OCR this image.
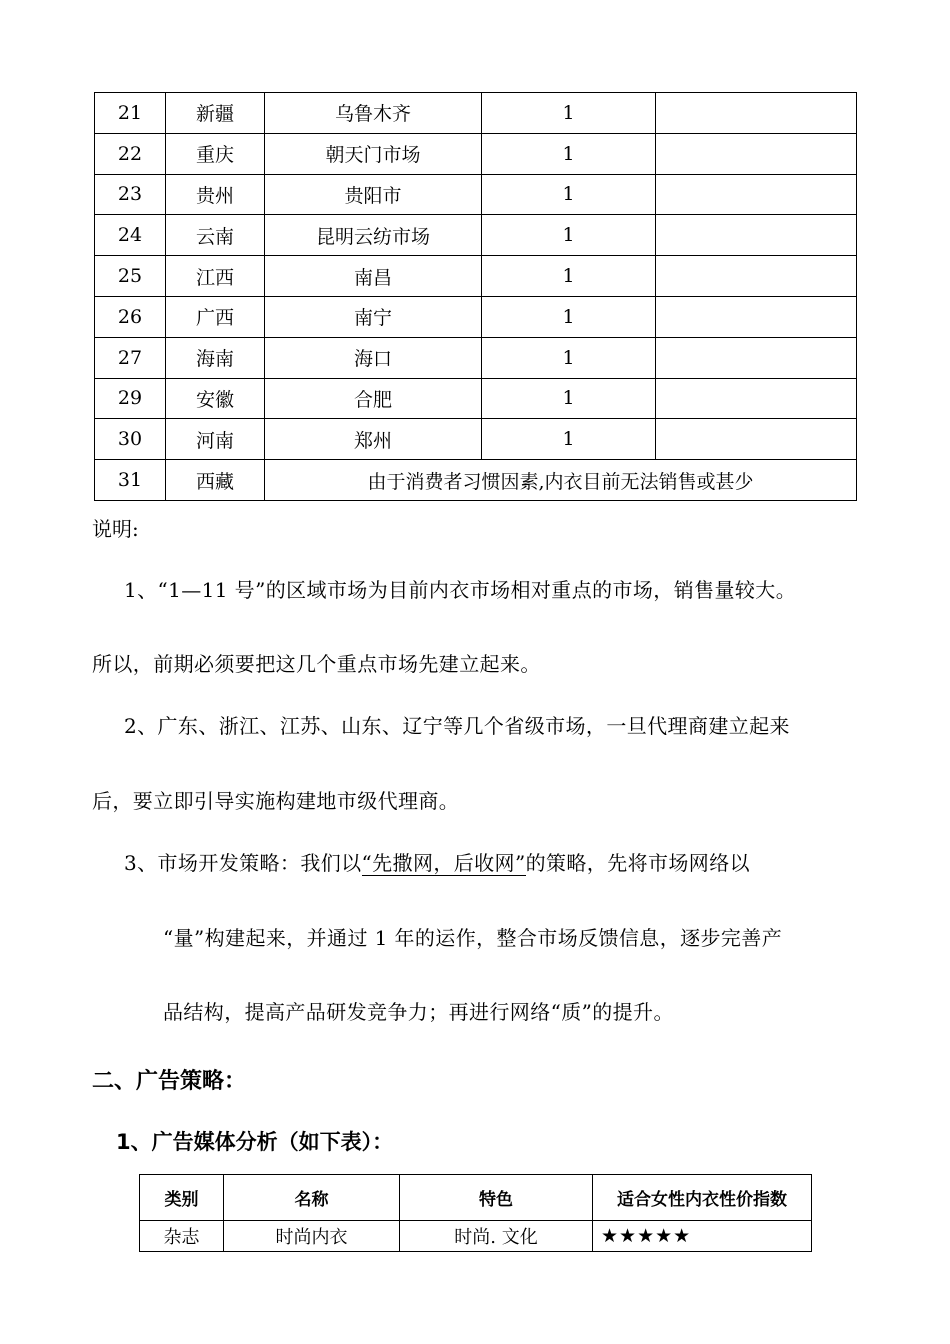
21	新疆	乌鲁木齐	1	
22	重庆	朝天门市场	1	
23	贵州	贵阳市	1	
24	云南	昆明云纺市场	1	
25	江西	南昌	1	
26	广西	南宁	1	
27	海南	海口	1	
29	安徽	合肥	1	
30	河南	郑州	1	
31	西藏	由于消费者习惯因素,内衣目前无法销售或甚少		
说明:
1、“1—11 号”的区域市场为目前内衣市场相对重点的市场，销售量较大。
所以，前期必须要把这几个重点市场先建立起来。
2、广东、浙江、江苏、山东、辽宁等几个省级市场，一旦代理商建立起来
后，要立即引导实施构建地市级代理商。
3、市场开发策略：我们以“先撒网，后收网”的策略，先将市场网络以
“量”构建起来，并通过 1 年的运作，整合市场反馈信息，逐步完善产
品结构，提高产品研发竞争力；再进行网络“质”的提升。
二、广告策略：
1、广告媒体分析（如下表）：
类别	名称	特色	适合女性内衣性价指数
杂志	时尚内衣	时尚. 文化	★★★★★
